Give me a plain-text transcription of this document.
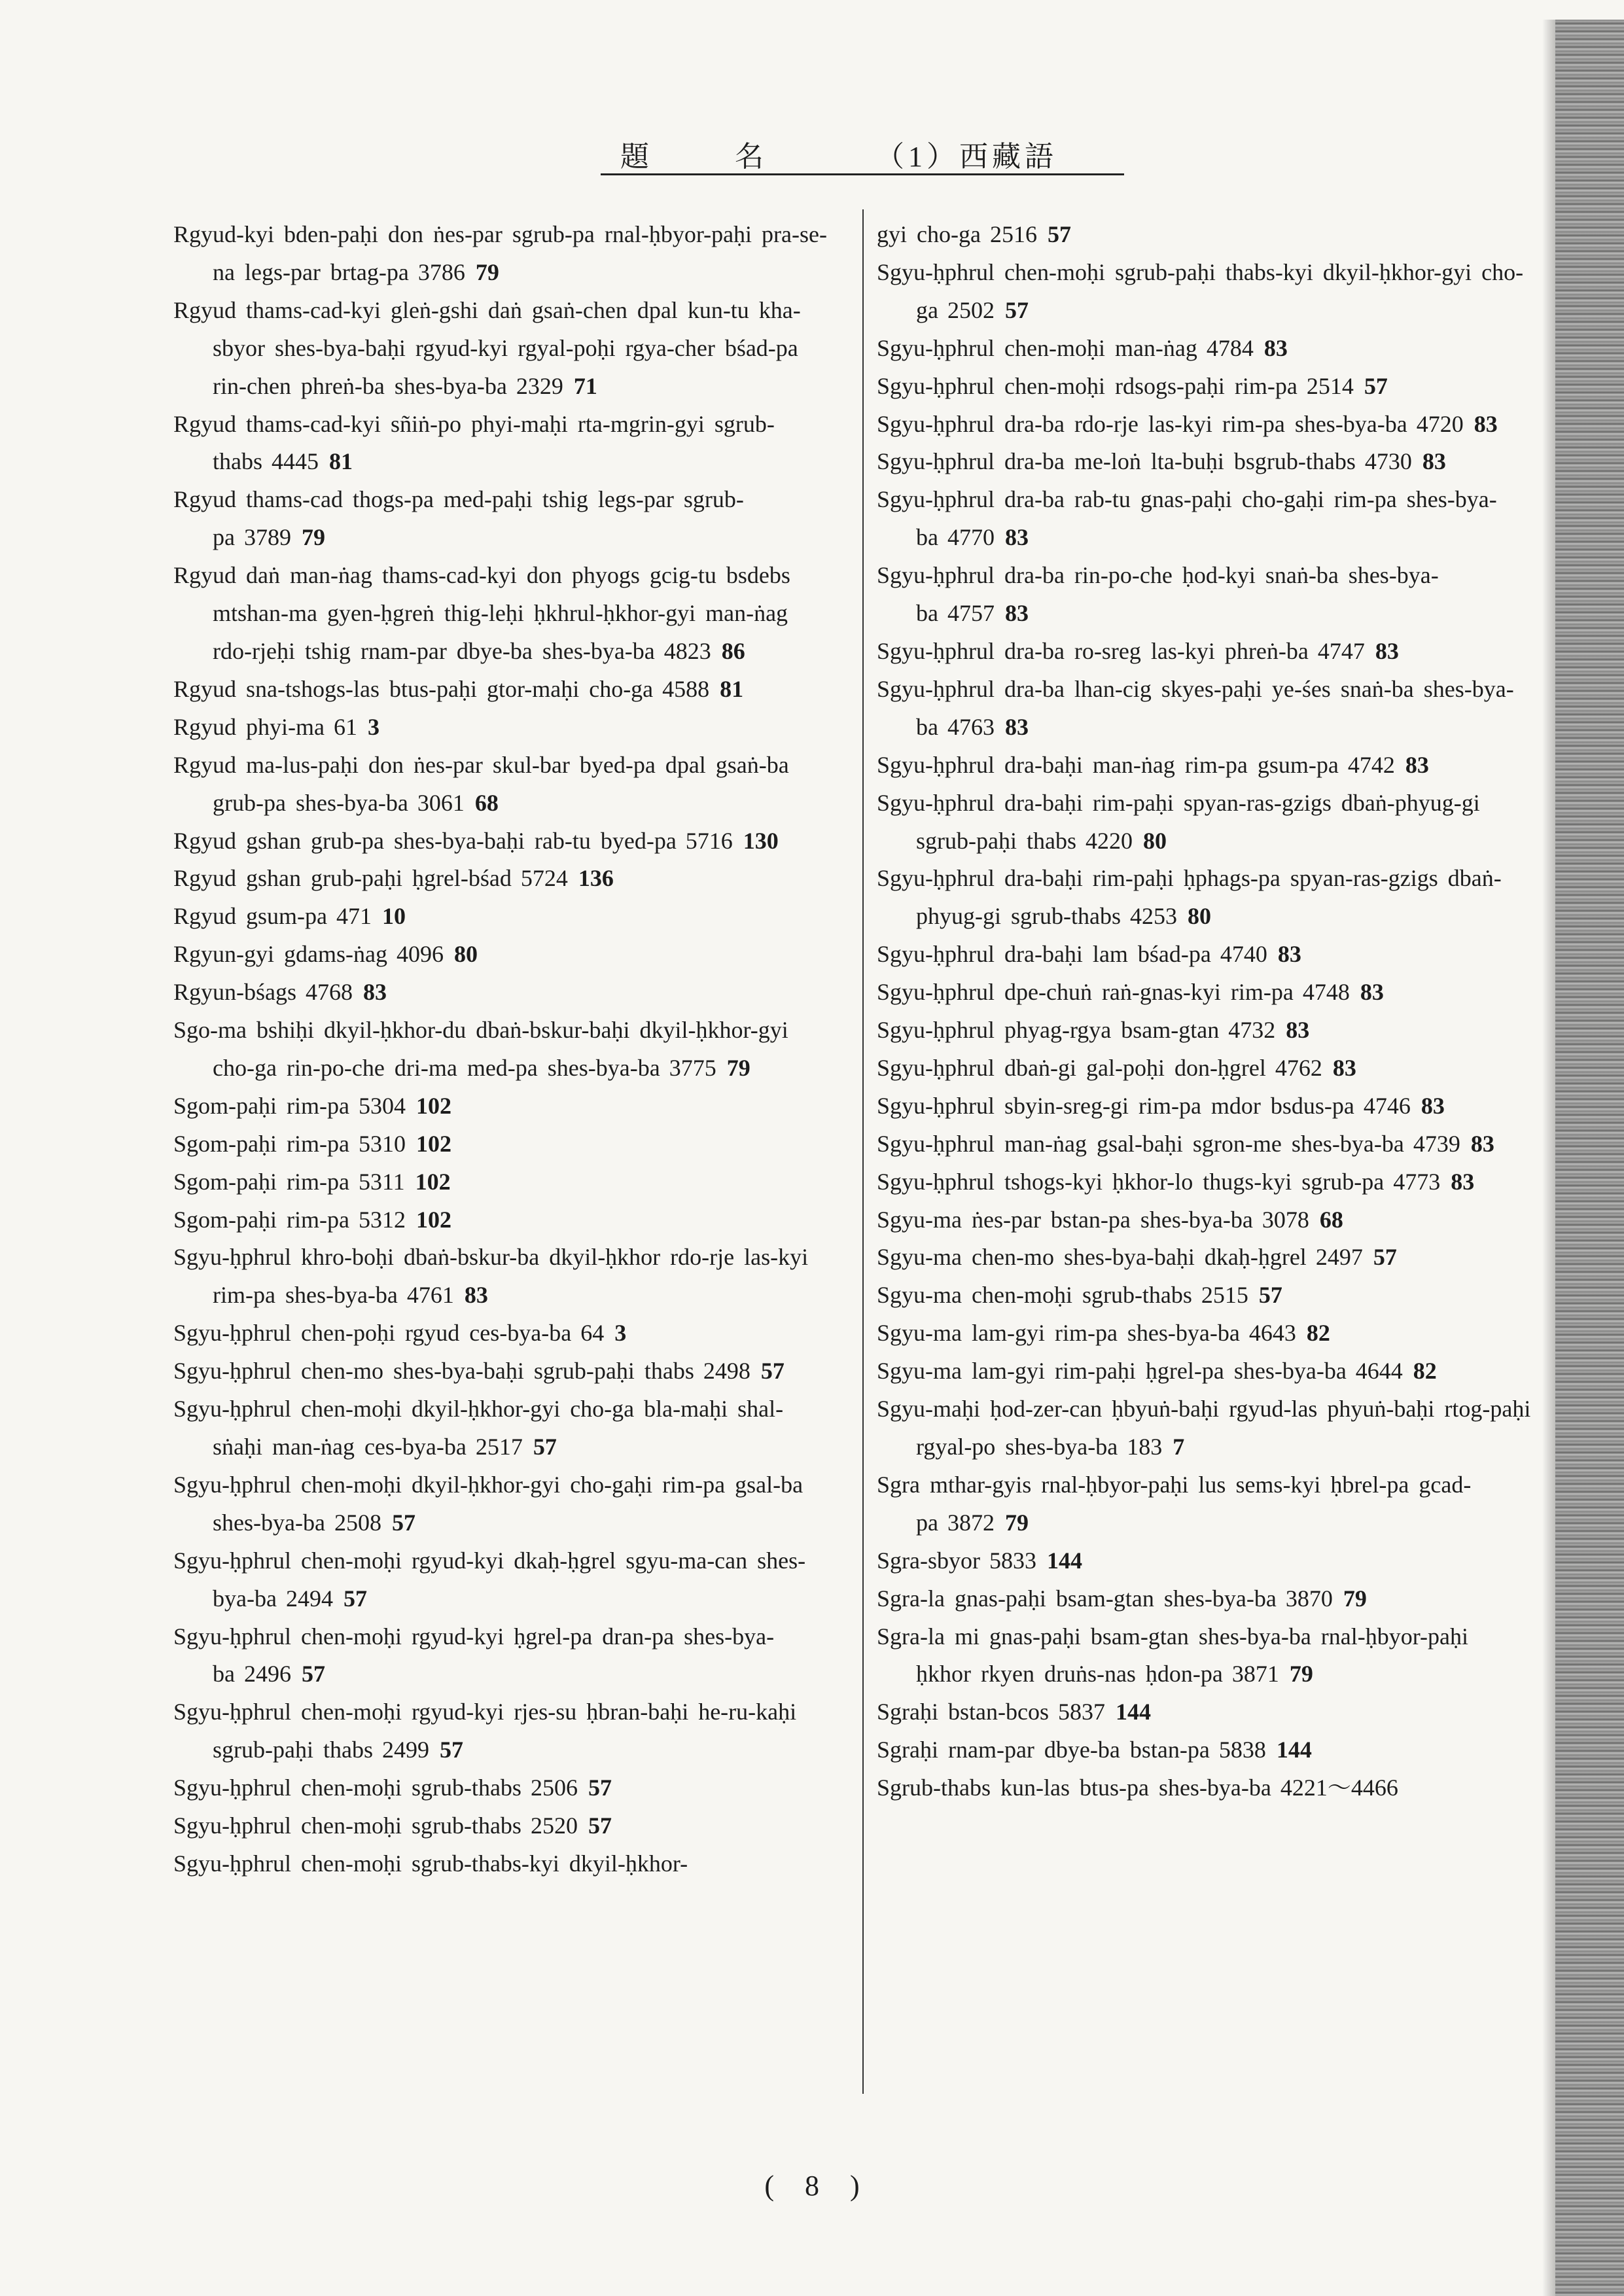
題 名	（1）西藏語
Rgyud-kyi bden-paḥi don ṅes-par sgrub-pa rnal-ḥbyor-paḥi pra-se-na legs-par brtag-pa 3786 79
Rgyud thams-cad-kyi gleṅ-gshi daṅ gsaṅ-chen dpal kun-tu kha-sbyor shes-bya-baḥi rgyud-kyi rgyal-poḥi rgya-cher bśad-pa rin-chen phreṅ-ba shes-bya-ba 2329 71
Rgyud thams-cad-kyi sñiṅ-po phyi-maḥi rta-mgrin-gyi sgrub-thabs 4445 81
Rgyud thams-cad thogs-pa med-paḥi tshig legs-par sgrub-pa 3789 79
Rgyud daṅ man-ṅag thams-cad-kyi don phyogs gcig-tu bsdebs mtshan-ma gyen-ḥgreṅ thig-leḥi ḥkhrul-ḥkhor-gyi man-ṅag rdo-rjeḥi tshig rnam-par dbye-ba shes-bya-ba 4823 86
Rgyud sna-tshogs-las btus-paḥi gtor-maḥi cho-ga 4588 81
Rgyud phyi-ma 61 3
Rgyud ma-lus-paḥi don ṅes-par skul-bar byed-pa dpal gsaṅ-ba grub-pa shes-bya-ba 3061 68
Rgyud gshan grub-pa shes-bya-baḥi rab-tu byed-pa 5716 130
Rgyud gshan grub-paḥi ḥgrel-bśad 5724 136
Rgyud gsum-pa 471 10
Rgyun-gyi gdams-ṅag 4096 80
Rgyun-bśags 4768 83
Sgo-ma bshiḥi dkyil-ḥkhor-du dbaṅ-bskur-baḥi dkyil-ḥkhor-gyi cho-ga rin-po-che dri-ma med-pa shes-bya-ba 3775 79
Sgom-paḥi rim-pa 5304 102
Sgom-paḥi rim-pa 5310 102
Sgom-paḥi rim-pa 5311 102
Sgom-paḥi rim-pa 5312 102
Sgyu-ḥphrul khro-boḥi dbaṅ-bskur-ba dkyil-ḥkhor rdo-rje las-kyi rim-pa shes-bya-ba 4761 83
Sgyu-ḥphrul chen-poḥi rgyud ces-bya-ba 64 3
Sgyu-ḥphrul chen-mo shes-bya-baḥi sgrub-paḥi thabs 2498 57
Sgyu-ḥphrul chen-moḥi dkyil-ḥkhor-gyi cho-ga bla-maḥi shal-sṅaḥi man-ṅag ces-bya-ba 2517 57
Sgyu-ḥphrul chen-moḥi dkyil-ḥkhor-gyi cho-gaḥi rim-pa gsal-ba shes-bya-ba 2508 57
Sgyu-ḥphrul chen-moḥi rgyud-kyi dkaḥ-ḥgrel sgyu-ma-can shes-bya-ba 2494 57
Sgyu-ḥphrul chen-moḥi rgyud-kyi ḥgrel-pa dran-pa shes-bya-ba 2496 57
Sgyu-ḥphrul chen-moḥi rgyud-kyi rjes-su ḥbran-baḥi he-ru-kaḥi sgrub-paḥi thabs 2499 57
Sgyu-ḥphrul chen-moḥi sgrub-thabs 2506 57
Sgyu-ḥphrul chen-moḥi sgrub-thabs 2520 57
Sgyu-ḥphrul chen-moḥi sgrub-thabs-kyi dkyil-ḥkhor-
gyi cho-ga 2516 57
Sgyu-ḥphrul chen-moḥi sgrub-paḥi thabs-kyi dkyil-ḥkhor-gyi cho-ga 2502 57
Sgyu-ḥphrul chen-moḥi man-ṅag 4784 83
Sgyu-ḥphrul chen-moḥi rdsogs-paḥi rim-pa 2514 57
Sgyu-ḥphrul dra-ba rdo-rje las-kyi rim-pa shes-bya-ba 4720 83
Sgyu-ḥphrul dra-ba me-loṅ lta-buḥi bsgrub-thabs 4730 83
Sgyu-ḥphrul dra-ba rab-tu gnas-paḥi cho-gaḥi rim-pa shes-bya-ba 4770 83
Sgyu-ḥphrul dra-ba rin-po-che ḥod-kyi snaṅ-ba shes-bya-ba 4757 83
Sgyu-ḥphrul dra-ba ro-sreg las-kyi phreṅ-ba 4747 83
Sgyu-ḥphrul dra-ba lhan-cig skyes-paḥi ye-śes snaṅ-ba shes-bya-ba 4763 83
Sgyu-ḥphrul dra-baḥi man-ṅag rim-pa gsum-pa 4742 83
Sgyu-ḥphrul dra-baḥi rim-paḥi spyan-ras-gzigs dbaṅ-phyug-gi sgrub-paḥi thabs 4220 80
Sgyu-ḥphrul dra-baḥi rim-paḥi ḥphags-pa spyan-ras-gzigs dbaṅ-phyug-gi sgrub-thabs 4253 80
Sgyu-ḥphrul dra-baḥi lam bśad-pa 4740 83
Sgyu-ḥphrul dpe-chuṅ raṅ-gnas-kyi rim-pa 4748 83
Sgyu-ḥphrul phyag-rgya bsam-gtan 4732 83
Sgyu-ḥphrul dbaṅ-gi gal-poḥi don-ḥgrel 4762 83
Sgyu-ḥphrul sbyin-sreg-gi rim-pa mdor bsdus-pa 4746 83
Sgyu-ḥphrul man-ṅag gsal-baḥi sgron-me shes-bya-ba 4739 83
Sgyu-ḥphrul tshogs-kyi ḥkhor-lo thugs-kyi sgrub-pa 4773 83
Sgyu-ma ṅes-par bstan-pa shes-bya-ba 3078 68
Sgyu-ma chen-mo shes-bya-baḥi dkaḥ-ḥgrel 2497 57
Sgyu-ma chen-moḥi sgrub-thabs 2515 57
Sgyu-ma lam-gyi rim-pa shes-bya-ba 4643 82
Sgyu-ma lam-gyi rim-paḥi ḥgrel-pa shes-bya-ba 4644 82
Sgyu-maḥi ḥod-zer-can ḥbyuṅ-baḥi rgyud-las phyuṅ-baḥi rtog-paḥi rgyal-po shes-bya-ba 183 7
Sgra mthar-gyis rnal-ḥbyor-paḥi lus sems-kyi ḥbrel-pa gcad-pa 3872 79
Sgra-sbyor 5833 144
Sgra-la gnas-paḥi bsam-gtan shes-bya-ba 3870 79
Sgra-la mi gnas-paḥi bsam-gtan shes-bya-ba rnal-ḥbyor-paḥi ḥkhor rkyen druṅs-nas ḥdon-pa 3871 79
Sgraḥi bstan-bcos 5837 144
Sgraḥi rnam-par dbye-ba bstan-pa 5838 144
Sgrub-thabs kun-las btus-pa shes-bya-ba 4221〜4466
( 8 )
